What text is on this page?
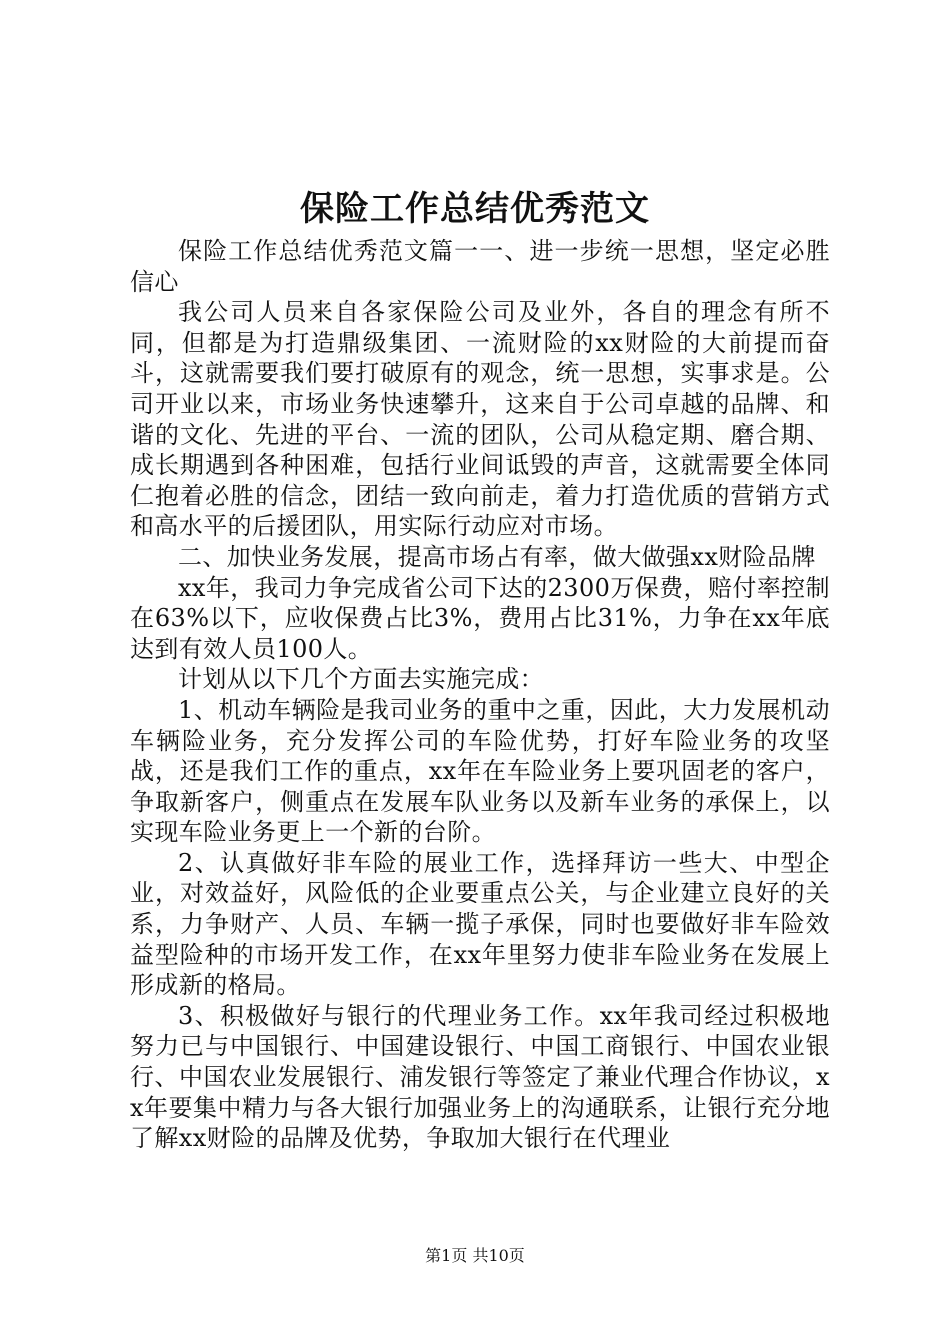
保险工作总结优秀范文

保险工作总结优秀范文篇一一、进一步统一思想，坚定必胜信心

我公司人员来自各家保险公司及业外，各自的理念有所不同，但都是为打造鼎级集团、一流财险的xx财险的大前提而奋斗，这就需要我们要打破原有的观念，统一思想，实事求是。公司开业以来，市场业务快速攀升，这来自于公司卓越的品牌、和谐的文化、先进的平台、一流的团队，公司从稳定期、磨合期、成长期遇到各种困难，包括行业间诋毁的声音，这就需要全体同仁抱着必胜的信念，团结一致向前走，着力打造优质的营销方式和高水平的后援团队，用实际行动应对市场。

二、加快业务发展，提高市场占有率，做大做强xx财险品牌

xx年，我司力争完成省公司下达的2300万保费，赔付率控制在63%以下，应收保费占比3%，费用占比31%，力争在xx年底达到有效人员100人。

计划从以下几个方面去实施完成：

1、机动车辆险是我司业务的重中之重，因此，大力发展机动车辆险业务，充分发挥公司的车险优势，打好车险业务的攻坚战，还是我们工作的重点，xx年在车险业务上要巩固老的客户，争取新客户，侧重点在发展车队业务以及新车业务的承保上，以实现车险业务更上一个新的台阶。

2、认真做好非车险的展业工作，选择拜访一些大、中型企业，对效益好，风险低的企业要重点公关，与企业建立良好的关系，力争财产、人员、车辆一揽子承保，同时也要做好非车险效益型险种的市场开发工作，在xx年里努力使非车险业务在发展上形成新的格局。

3、积极做好与银行的代理业务工作。xx年我司经过积极地努力已与中国银行、中国建设银行、中国工商银行、中国农业银行、中国农业发展银行、浦发银行等签定了兼业代理合作协议，xx年要集中精力与各大银行加强业务上的沟通联系，让银行充分地了解xx财险的品牌及优势，争取加大银行在代理业

第1页 共10页
